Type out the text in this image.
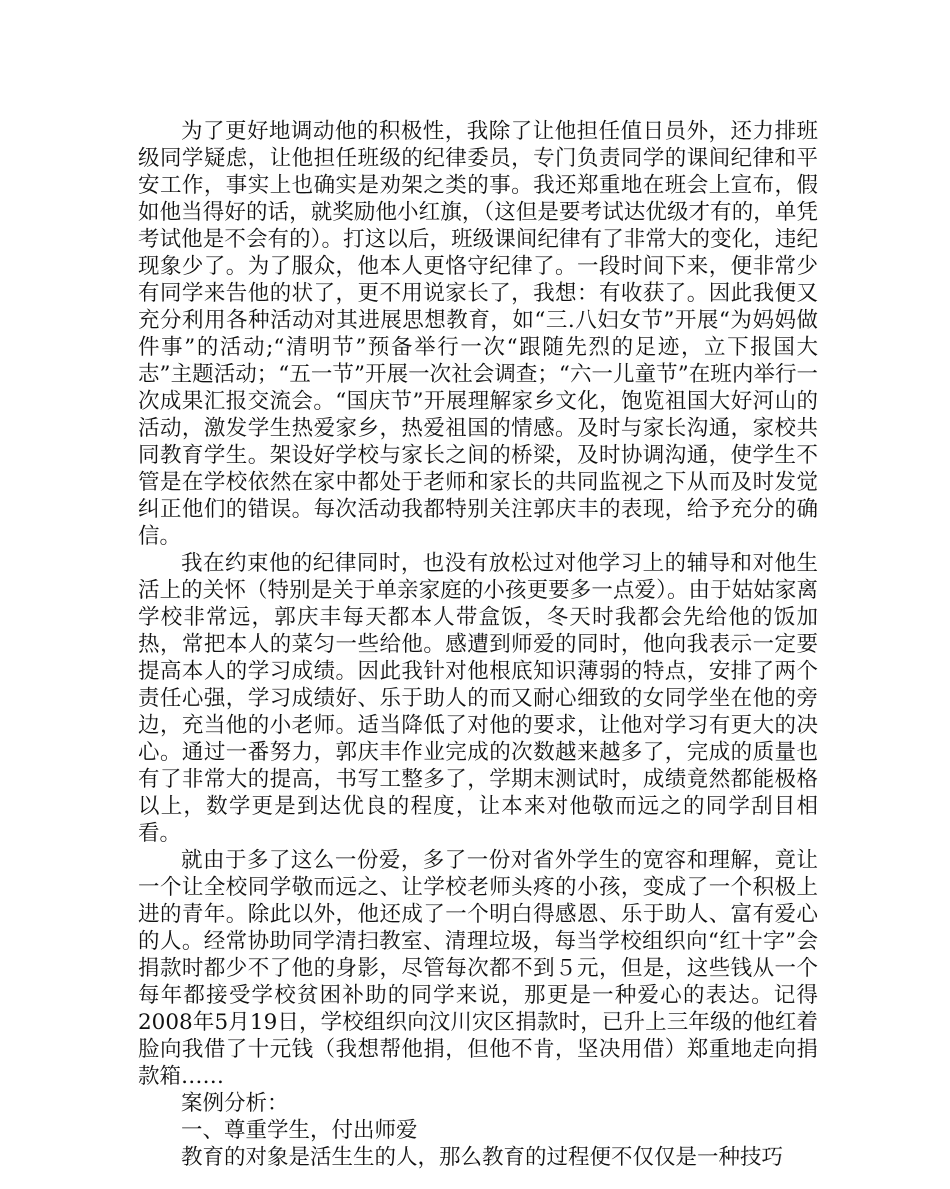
为了更好地调动他的积极性，我除了让他担任值日员外，还力排班级同学疑虑，让他担任班级的纪律委员，专门负责同学的课间纪律和平安工作，事实上也确实是劝架之类的事。我还郑重地在班会上宣布，假如他当得好的话，就奖励他小红旗，（这但是要考试达优级才有的，单凭考试他是不会有的）。打这以后，班级课间纪律有了非常大的变化，违纪现象少了。为了服众，他本人更恪守纪律了。一段时间下来，便非常少有同学来告他的状了，更不用说家长了，我想：有收获了。因此我便又充分利用各种活动对其进展思想教育，如“三.八妇女节”开展“为妈妈做件事”的活动;“清明节”预备举行一次“跟随先烈的足迹，立下报国大志”主题活动；“五一节”开展一次社会调查；“六一儿童节”在班内举行一次成果汇报交流会。“国庆节”开展理解家乡文化，饱览祖国大好河山的活动，激发学生热爱家乡，热爱祖国的情感。及时与家长沟通，家校共同教育学生。架设好学校与家长之间的桥梁，及时协调沟通，使学生不管是在学校依然在家中都处于老师和家长的共同监视之下从而及时发觉纠正他们的错误。每次活动我都特别关注郭庆丰的表现，给予充分的确信。

我在约束他的纪律同时，也没有放松过对他学习上的辅导和对他生活上的关怀（特别是关于单亲家庭的小孩更要多一点爱）。由于姑姑家离学校非常远，郭庆丰每天都本人带盒饭，冬天时我都会先给他的饭加热，常把本人的菜匀一些给他。感遭到师爱的同时，他向我表示一定要提高本人的学习成绩。因此我针对他根底知识薄弱的特点，安排了两个责任心强，学习成绩好、乐于助人的而又耐心细致的女同学坐在他的旁边，充当他的小老师。适当降低了对他的要求，让他对学习有更大的决心。通过一番努力，郭庆丰作业完成的次数越来越多了，完成的质量也有了非常大的提高，书写工整多了，学期末测试时，成绩竟然都能极格以上，数学更是到达优良的程度，让本来对他敬而远之的同学刮目相看。

就由于多了这么一份爱，多了一份对省外学生的宽容和理解，竟让一个让全校同学敬而远之、让学校老师头疼的小孩，变成了一个积极上进的青年。除此以外，他还成了一个明白得感恩、乐于助人、富有爱心的人。经常协助同学清扫教室、清理垃圾，每当学校组织向“红十字”会捐款时都少不了他的身影，尽管每次都不到５元，但是，这些钱从一个每年都接受学校贫困补助的同学来说，那更是一种爱心的表达。记得2008年5月19日，学校组织向汶川灾区捐款时，已升上三年级的他红着脸向我借了十元钱（我想帮他捐，但他不肯，坚决用借）郑重地走向捐款箱……

案例分析：

一、尊重学生，付出师爱

教育的对象是活生生的人，那么教育的过程便不仅仅是一种技巧
